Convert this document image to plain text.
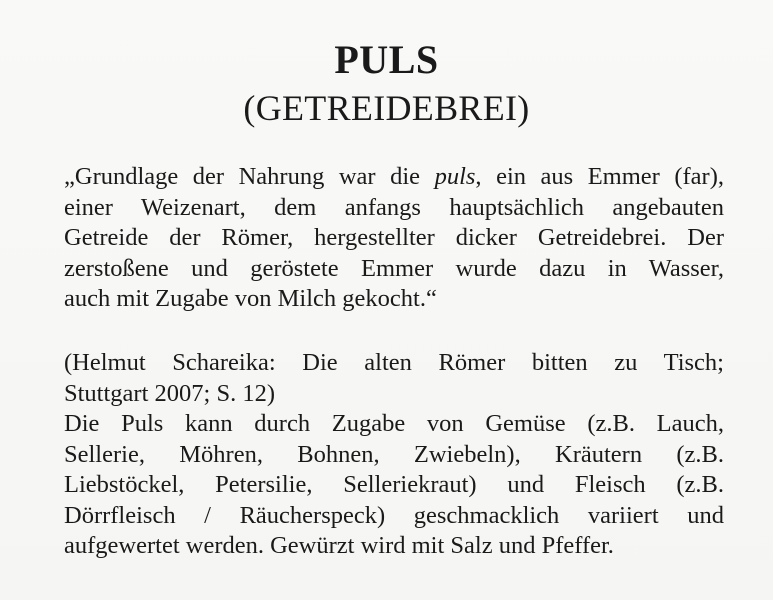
PULS
(GETREIDEBREI)
„Grundlage der Nahrung war die puls, ein aus Emmer (far),
einer Weizenart, dem anfangs hauptsächlich angebauten
Getreide der Römer, hergestellter dicker Getreidebrei. Der
zerstoßene und geröstete Emmer wurde dazu in Wasser,
auch mit Zugabe von Milch gekocht.“
(Helmut Schareika: Die alten Römer bitten zu Tisch;
Stuttgart 2007; S. 12)
Die Puls kann durch Zugabe von Gemüse (z.B. Lauch,
Sellerie, Möhren, Bohnen, Zwiebeln), Kräutern (z.B.
Liebstöckel, Petersilie, Selleriekraut) und Fleisch (z.B.
Dörrfleisch / Räucherspeck) geschmacklich variiert und
aufgewertet werden. Gewürzt wird mit Salz und Pfeffer.
